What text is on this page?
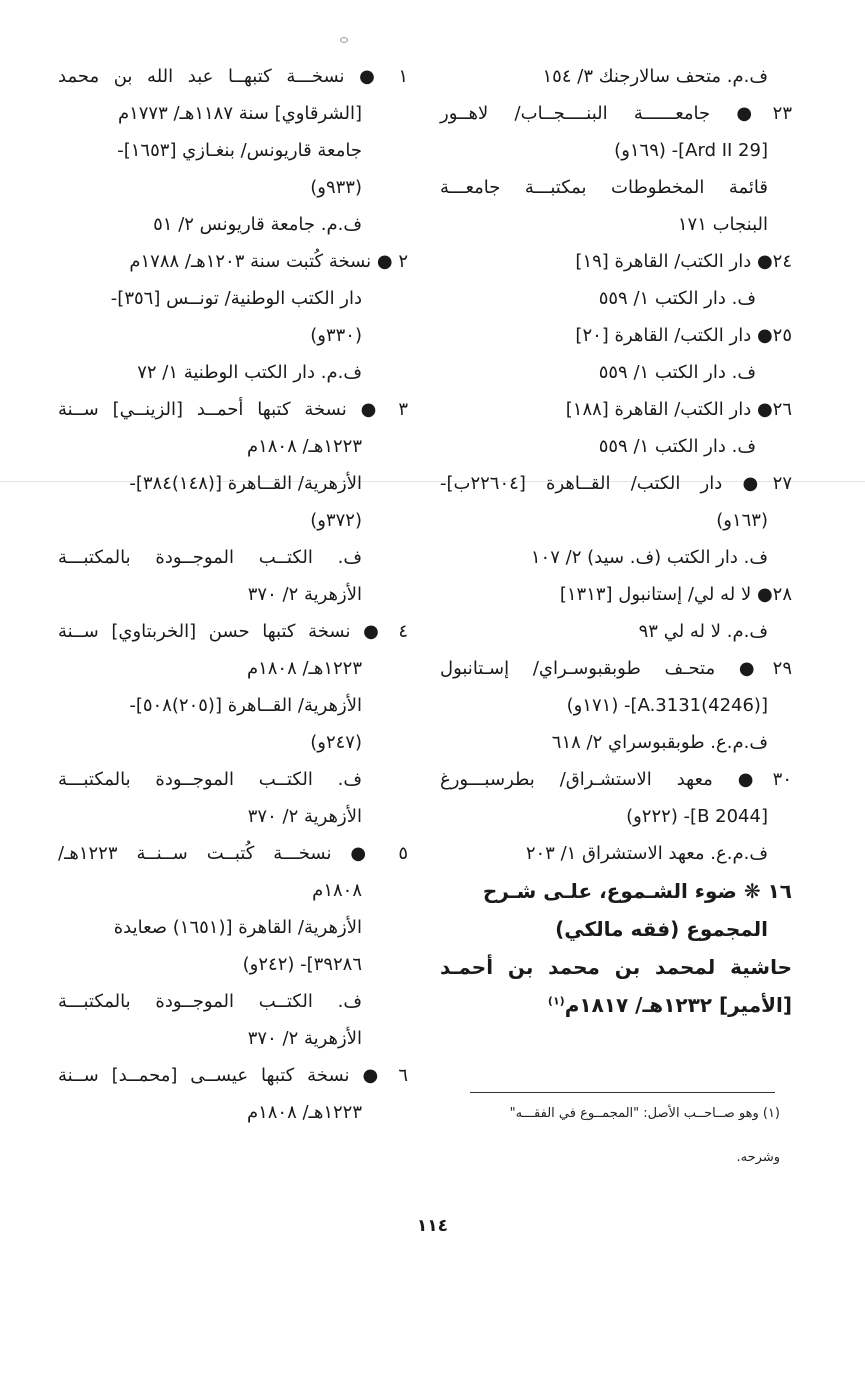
ف.م. متحف سالارجنك ٣/ ١٥٤
٢٣● جامعــــــة البنــــجــاب/ لاهــور
[Ard II 29]- (١٦٩و)
قائمة المخطوطات بمكتبـــة جامعـــة
البنجاب ١٧١
٢٤● دار الكتب/ القاهرة [١٩]
ف. دار الكتب ١/ ٥٥٩
٢٥● دار الكتب/ القاهرة [٢٠]
ف. دار الكتب ١/ ٥٥٩
٢٦● دار الكتب/ القاهرة [١٨٨]
ف. دار الكتب ١/ ٥٥٩
٢٧● دار الكتب/ القــاهرة [٢٢٦٠٤ب]-
(١٦٣و)
ف. دار الكتب (ف. سيد) ٢/ ١٠٧
٢٨● لا له لي/ إستانبول [١٣١٣]
ف.م. لا له لي ٩٣
٢٩● متحـف طوبقبوسـراي/ إسـتانبول
[A.3131(4246)]- (١٧١و)
ف.م.ع. طوبقبوسراي ٢/ ٦١٨
٣٠● معهد الاستشـراق/ بطرسبـــورغ
[B 2044]- (٢٢٢و)
ف.م.ع. معهد الاستشراق ١/ ٢٠٣
١٦ ❋ ضوء الشـموع، علـى شـرح
المجموع (فقه مالكي)
حاشية لمحمد بن محمد بن أحمـد
[الأمير] ١٢٣٢هـ/ ١٨١٧م$^{(١)}$
١ ● نسخـــة كتبهــا عبد الله بن محمد
[الشرقاوي] سنة ١١٨٧هـ/ ١٧٧٣م
جامعة قاريونس/ بنغـازي [١٦٥٣]-
(٩٣٣و)
ف.م. جامعة قاريونس ٢/ ٥١
٢ ● نسخة كُتبت سنة ١٢٠٣هـ/ ١٧٨٨م
دار الكتب الوطنية/ تونــس [٣٥٦]-
(٣٣٠و)
ف.م. دار الكتب الوطنية ١/ ٧٢
٣ ● نسخة كتبها أحمــد [الزينــي] ســنة
١٢٢٣هـ/ ١٨٠٨م
الأزهرية/ القــاهرة [(١٤٨)٣٨٤]-
(٣٧٢و)
ف. الكتــب الموجــودة بالمكتبـــة
الأزهرية ٢/ ٣٧٠
٤ ● نسخة كتبها حسن [الخربتاوي] ســنة
١٢٢٣هـ/ ١٨٠٨م
الأزهرية/ القــاهرة [(٢٠٥)٥٠٨]-
(٢٤٧و)
ف. الكتــب الموجــودة بالمكتبـــة
الأزهرية ٢/ ٣٧٠
٥ ● نسخـــة كُتبــت ســنــة ١٢٢٣هـ/
١٨٠٨م
الأزهرية/ القاهرة [(١٦٥١) صعايدة
٣٩٢٨٦]- (٢٤٢و)
ف. الكتــب الموجــودة بالمكتبـــة
الأزهرية ٢/ ٣٧٠
٦ ● نسخة كتبها عيســى [محمــد] ســنة
١٢٢٣هـ/ ١٨٠٨م	(١) وهو صــاحــب الأصل: "المجمــوع في الفقـــه"
وشرحه.
١١٤
